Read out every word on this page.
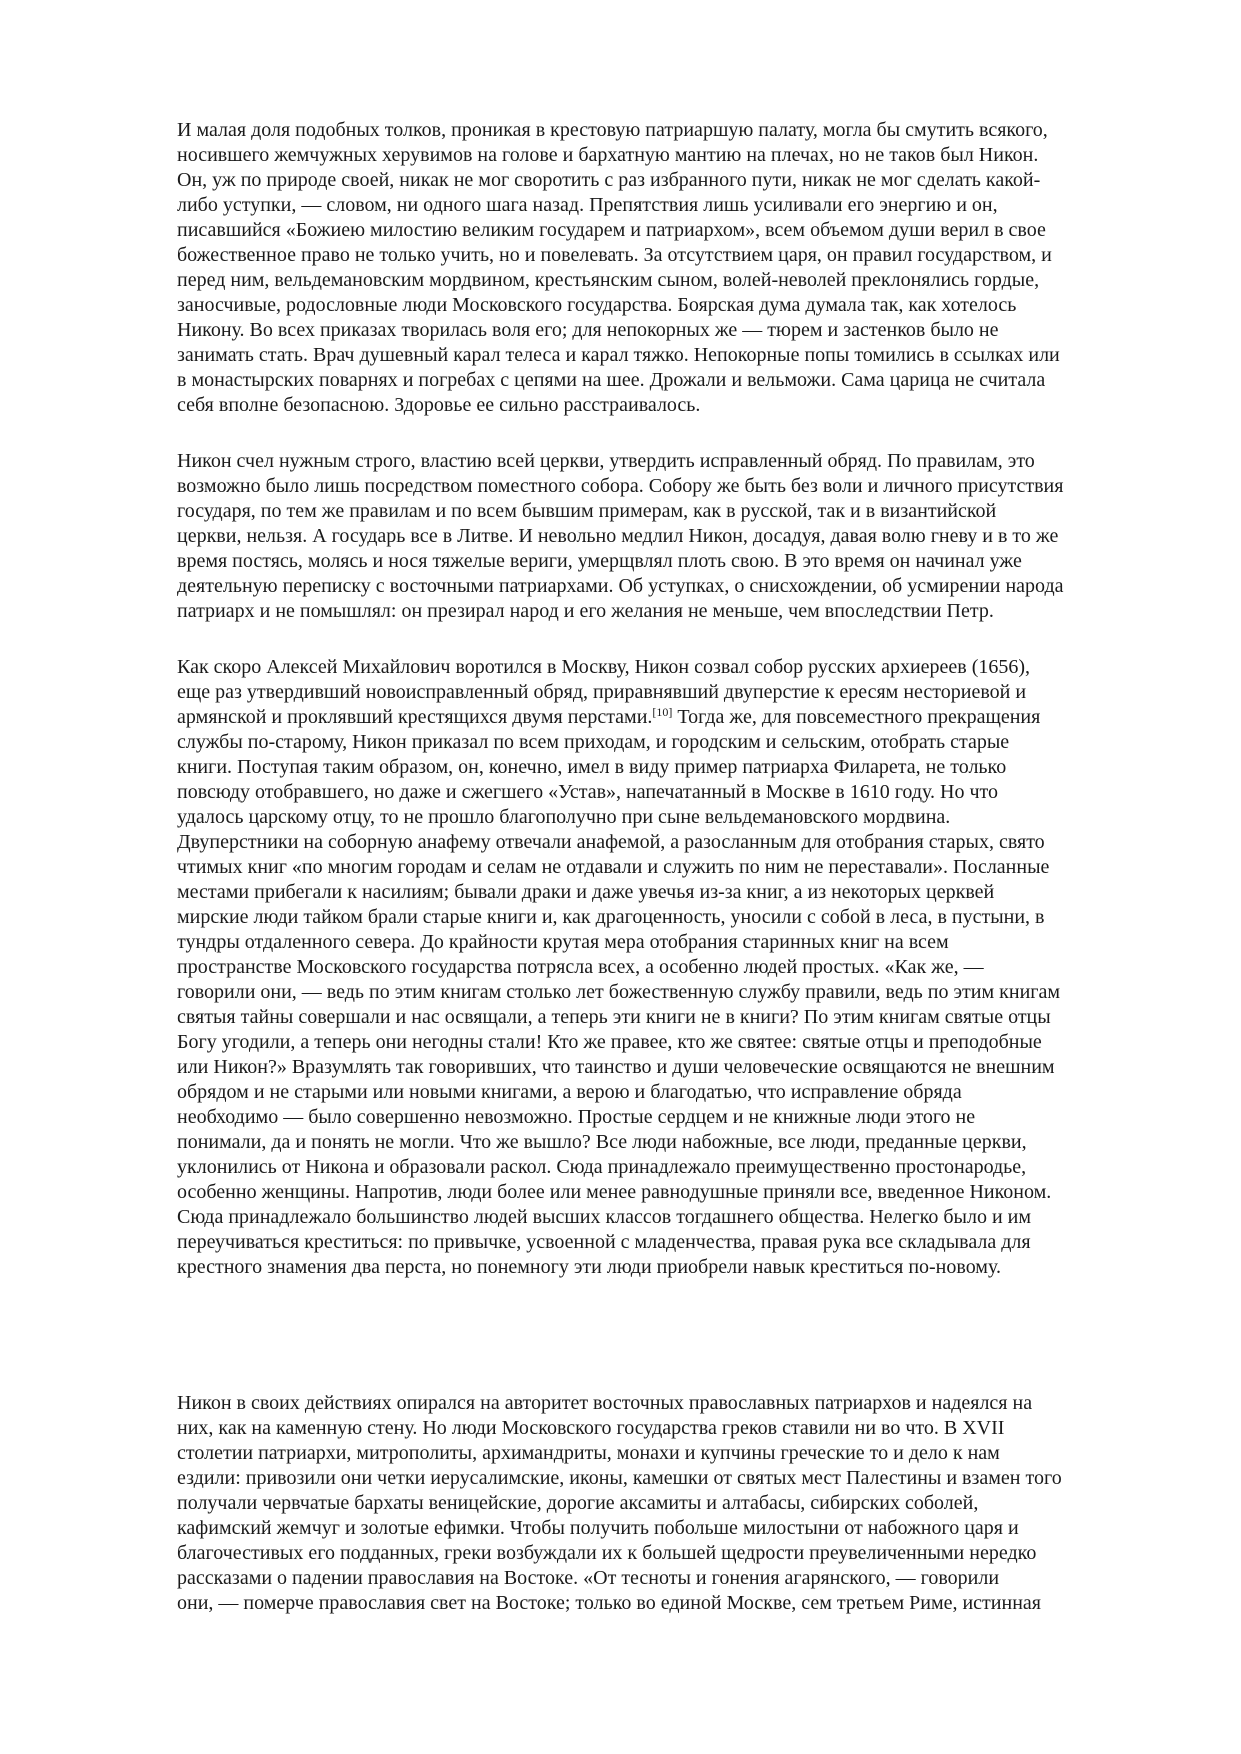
И малая доля подобных толков, проникая в крестовую патриаршую палату, могла бы смутить всякого,
носившего жемчужных херувимов на голове и бархатную мантию на плечах, но не таков был Никон.
Он, уж по природе своей, никак не мог своротить с раз избранного пути, никак не мог сделать какой-
либо уступки, — словом, ни одного шага назад. Препятствия лишь усиливали его энергию и он,
писавшийся «Божиею милостию великим государем и патриархом», всем объемом души верил в свое
божественное право не только учить, но и повелевать. За отсутствием царя, он правил государством, и
перед ним, вельдемановским мордвином, крестьянским сыном, волей-неволей преклонялись гордые,
заносчивые, родословные люди Московского государства. Боярская дума думала так, как хотелось
Никону. Во всех приказах творилась воля его; для непокорных же — тюрем и застенков было не
занимать стать. Врач душевный карал телеса и карал тяжко. Непокорные попы томились в ссылках или
в монастырских поварнях и погребах с цепями на шее. Дрожали и вельможи. Сама царица не считала
себя вполне безопасною. Здоровье ее сильно расстраивалось.
Никон счел нужным строго, властию всей церкви, утвердить исправленный обряд. По правилам, это
возможно было лишь посредством поместного собора. Собору же быть без воли и личного присутствия
государя, по тем же правилам и по всем бывшим примерам, как в русской, так и в византийской
церкви, нельзя. А государь все в Литве. И невольно медлил Никон, досадуя, давая волю гневу и в то же
время постясь, молясь и нося тяжелые вериги, умерщвлял плоть свою. В это время он начинал уже
деятельную переписку с восточными патриархами. Об уступках, о снисхождении, об усмирении народа
патриарх и не помышлял: он презирал народ и его желания не меньше, чем впоследствии Петр.
Как скоро Алексей Михайлович воротился в Москву, Никон созвал собор русских архиереев (1656),
еще раз утвердивший новоисправленный обряд, приравнявший двуперстие к ересям несториевой и
армянской и проклявший крестящихся двумя перстами.[10] Тогда же, для повсеместного прекращения
службы по-старому, Никон приказал по всем приходам, и городским и сельским, отобрать старые
книги. Поступая таким образом, он, конечно, имел в виду пример патриарха Филарета, не только
повсюду отобравшего, но даже и сжегшего «Устав», напечатанный в Москве в 1610 году. Но что
удалось царскому отцу, то не прошло благополучно при сыне вельдемановского мордвина.
Двуперстники на соборную анафему отвечали анафемой, а разосланным для отобрания старых, свято
чтимых книг «по многим городам и селам не отдавали и служить по ним не переставали». Посланные
местами прибегали к насилиям; бывали драки и даже увечья из-за книг, а из некоторых церквей
мирские люди тайком брали старые книги и, как драгоценность, уносили с собой в леса, в пустыни, в
тундры отдаленного севера. До крайности крутая мера отобрания старинных книг на всем
пространстве Московского государства потрясла всех, а особенно людей простых. «Как же, —
говорили они, — ведь по этим книгам столько лет божественную службу правили, ведь по этим книгам
святыя тайны совершали и нас освящали, а теперь эти книги не в книги? По этим книгам святые отцы
Богу угодили, а теперь они негодны стали! Кто же правее, кто же святее: святые отцы и преподобные
или Никон?» Вразумлять так говоривших, что таинство и души человеческие освящаются не внешним
обрядом и не старыми или новыми книгами, а верою и благодатью, что исправление обряда
необходимо — было совершенно невозможно. Простые сердцем и не книжные люди этого не
понимали, да и понять не могли. Что же вышло? Все люди набожные, все люди, преданные церкви,
уклонились от Никона и образовали раскол. Сюда принадлежало преимущественно простонародье,
особенно женщины. Напротив, люди более или менее равнодушные приняли все, введенное Никоном.
Сюда принадлежало большинство людей высших классов тогдашнего общества. Нелегко было и им
переучиваться креститься: по привычке, усвоенной с младенчества, правая рука все складывала для
крестного знамения два перста, но понемногу эти люди приобрели навык креститься по-новому.
Никон в своих действиях опирался на авторитет восточных православных патриархов и надеялся на
них, как на каменную стену. Но люди Московского государства греков ставили ни во что. В XVII
столетии патриархи, митрополиты, архимандриты, монахи и купчины греческие то и дело к нам
ездили: привозили они четки иерусалимские, иконы, камешки от святых мест Палестины и взамен того
получали червчатые бархаты веницейские, дорогие аксамиты и алтабасы, сибирских соболей,
кафимский жемчуг и золотые ефимки. Чтобы получить побольше милостыни от набожного царя и
благочестивых его подданных, греки возбуждали их к большей щедрости преувеличенными нередко
рассказами о падении православия на Востоке. «От тесноты и гонения агарянского, — говорили
они, — померче православия свет на Востоке; только во единой Москве, сем третьем Риме, истинная
